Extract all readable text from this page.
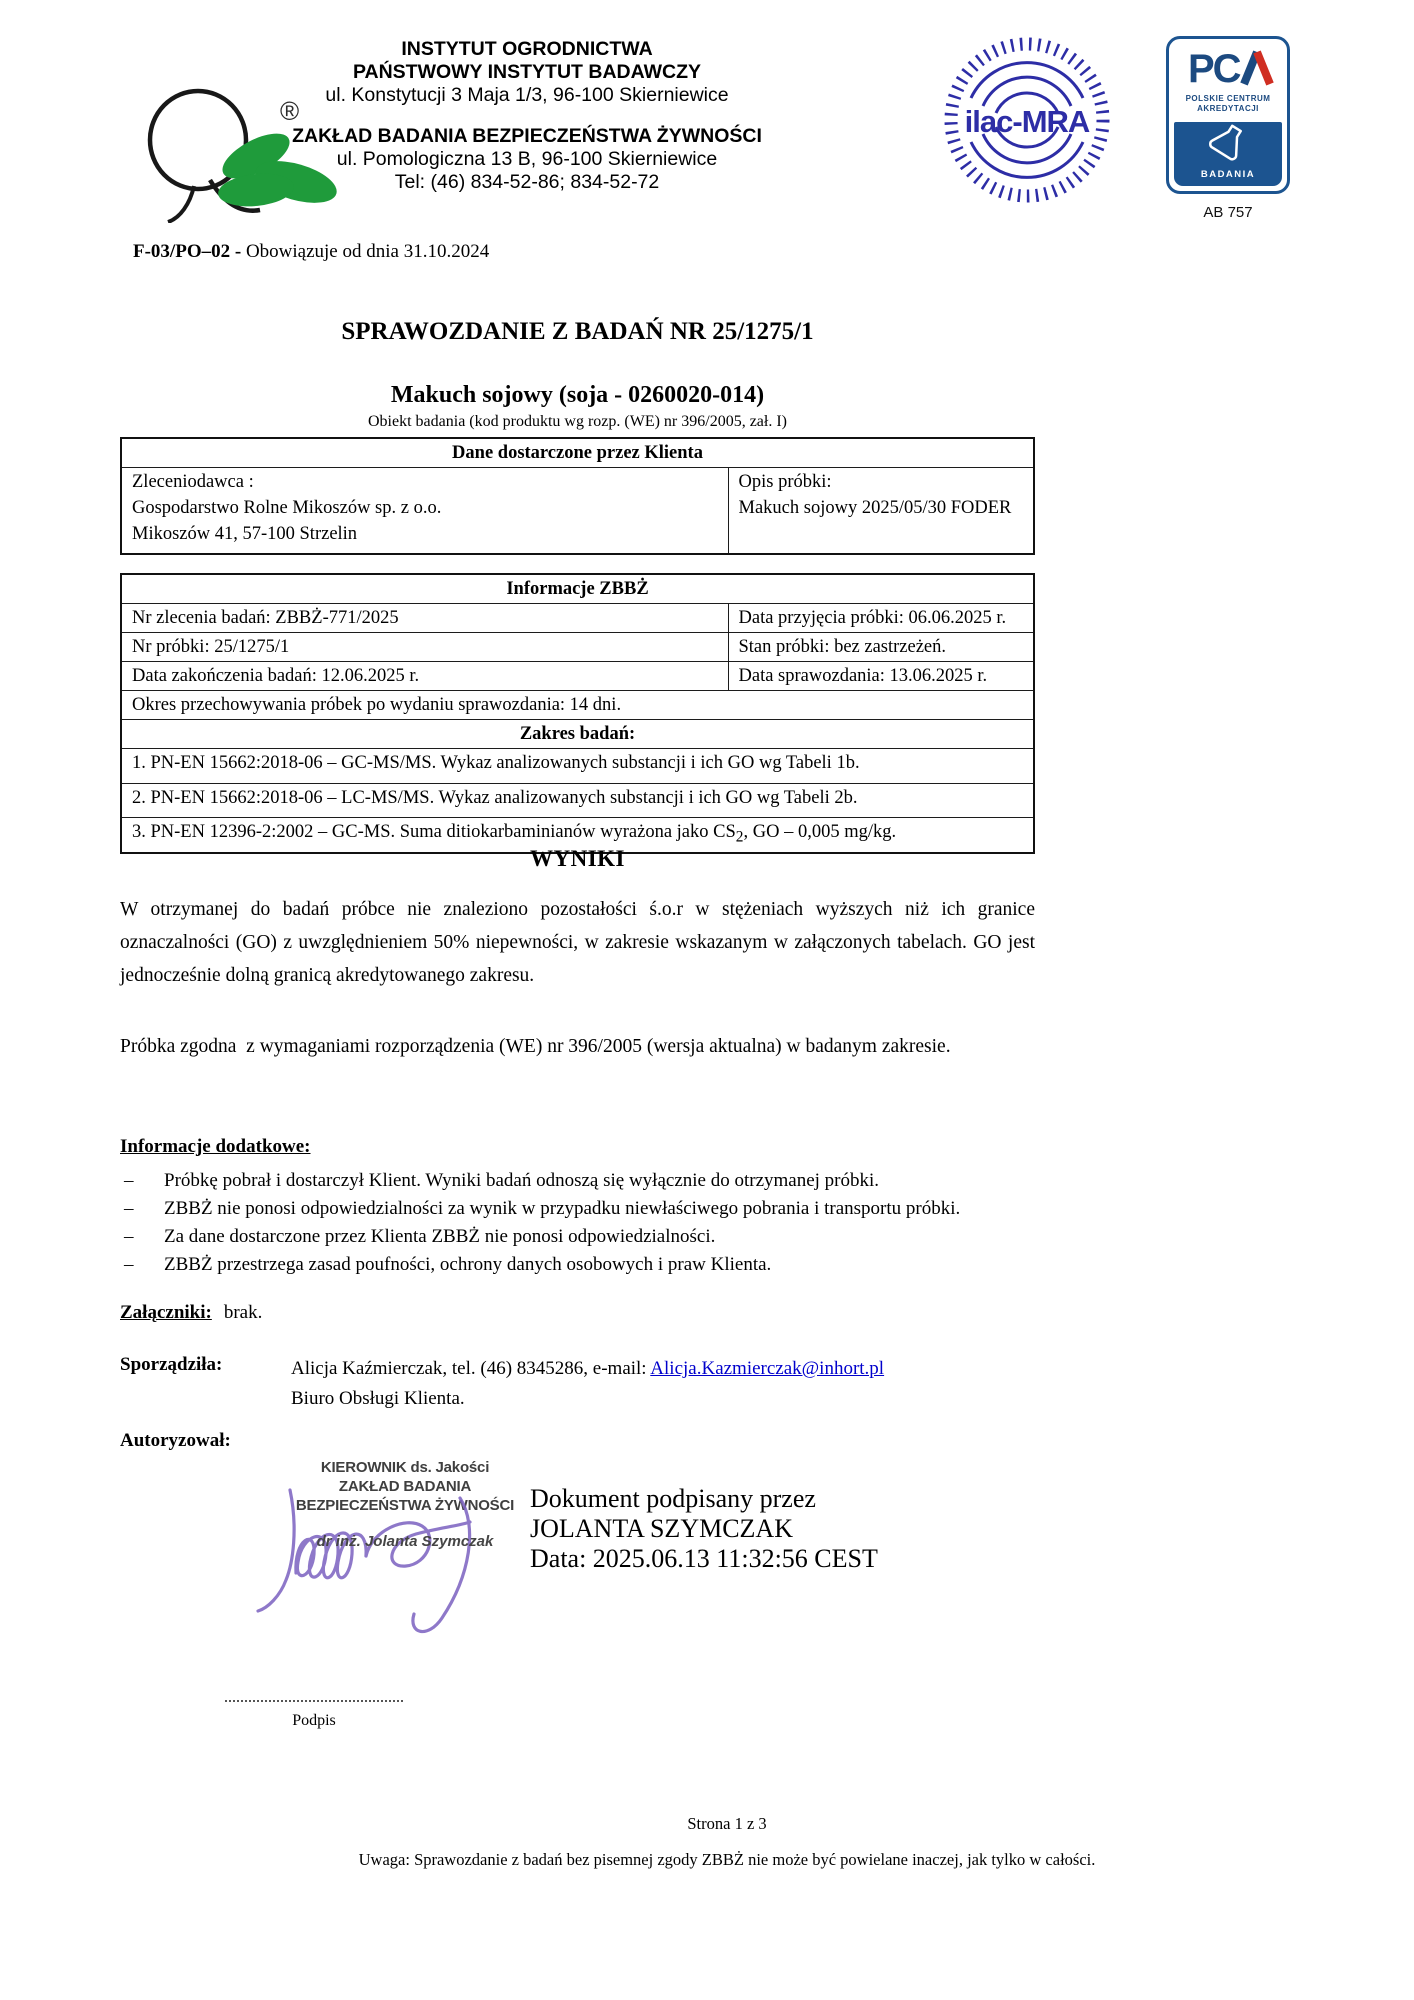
®
INSTYTUT OGRODNICTWA
PAŃSTWOWY INSTYTUT BADAWCZY
ul. Konstytucji 3 Maja 1/3, 96-100 Skierniewice
ZAKŁAD BADANIA BEZPIECZEŃSTWA ŻYWNOŚCI
ul. Pomologiczna 13 B, 96-100 Skierniewice
Tel: (46) 834-52-86; 834-52-72
ilac-MRA
PC
POLSKIE CENTRUM
AKREDYTACJI
BADANIA
AB 757
F-03/PO–02 - Obowiązuje od dnia 31.10.2024
SPRAWOZDANIE Z BADAŃ NR 25/1275/1
Makuch sojowy (soja - 0260020-014)
Obiekt badania (kod produktu wg rozp. (WE) nr 396/2005, zał. I)
Dane dostarczone przez Klienta

Zleceniodawca :
Gospodarstwo Rolne Mikoszów sp. z o.o.
Mikoszów 41, 57-100 Strzelin

Opis próbki:
Makuch sojowy 2025/05/30 FODER
Informacje ZBBŻ	
Nr zlecenia badań: ZBBŻ-771/2025	Data przyjęcia próbki: 06.06.2025 r.
Nr próbki: 25/1275/1	Stan próbki: bez zastrzeżeń.
Data zakończenia badań: 12.06.2025 r.	Data sprawozdania: 13.06.2025 r.
Okres przechowywania próbek po wydaniu sprawozdania: 14 dni.	
Zakres badań:	
1. PN-EN 15662:2018-06 – GC-MS/MS. Wykaz analizowanych substancji i ich GO wg Tabeli 1b.	
2. PN-EN 15662:2018-06 – LC-MS/MS. Wykaz analizowanych substancji i ich GO wg Tabeli 2b.	
3. PN-EN 12396-2:2002 – GC-MS. Suma ditiokarbaminianów wyrażona jako $CS_2$, GO – 0,005 mg/kg.	
WYNIKI
W otrzymanej do badań próbce nie znaleziono pozostałości ś.o.r w stężeniach wyższych niż ich granice oznaczalności (GO) z uwzględnieniem 50% niepewności, w zakresie wskazanym w załączonych tabelach. GO jest jednocześnie dolną granicą akredytowanego zakresu.
Próbka zgodna  z wymaganiami rozporządzenia (WE) nr 396/2005 (wersja aktualna) w badanym zakresie.
Informacje dodatkowe:
–	Próbkę pobrał i dostarczył Klient. Wyniki badań odnoszą się wyłącznie do otrzymanej próbki.
–	ZBBŻ nie ponosi odpowiedzialności za wynik w przypadku niewłaściwego pobrania i transportu próbki.
–	Za dane dostarczone przez Klienta ZBBŻ nie ponosi odpowiedzialności.
–	ZBBŻ przestrzega zasad poufności, ochrony danych osobowych i praw Klienta.
Załączniki: brak.
Sporządziła:	Alicja Kaźmierczak, tel. (46) 8345286, e-mail: Alicja.Kazmierczak@inhort.pl
Biuro Obsługi Klienta.
Autoryzował:
KIEROWNIK ds. Jakości
ZAKŁAD BADANIA
BEZPIECZEŃSTWA ŻYWNOŚCI
dr inż. Jolanta Szymczak
Dokument podpisany przez
JOLANTA SZYMCZAK
Data: 2025.06.13 11:32:56 CEST
Podpis
Strona 1 z 3
Uwaga: Sprawozdanie z badań bez pisemnej zgody ZBBŻ nie może być powielane inaczej, jak tylko w całości.
